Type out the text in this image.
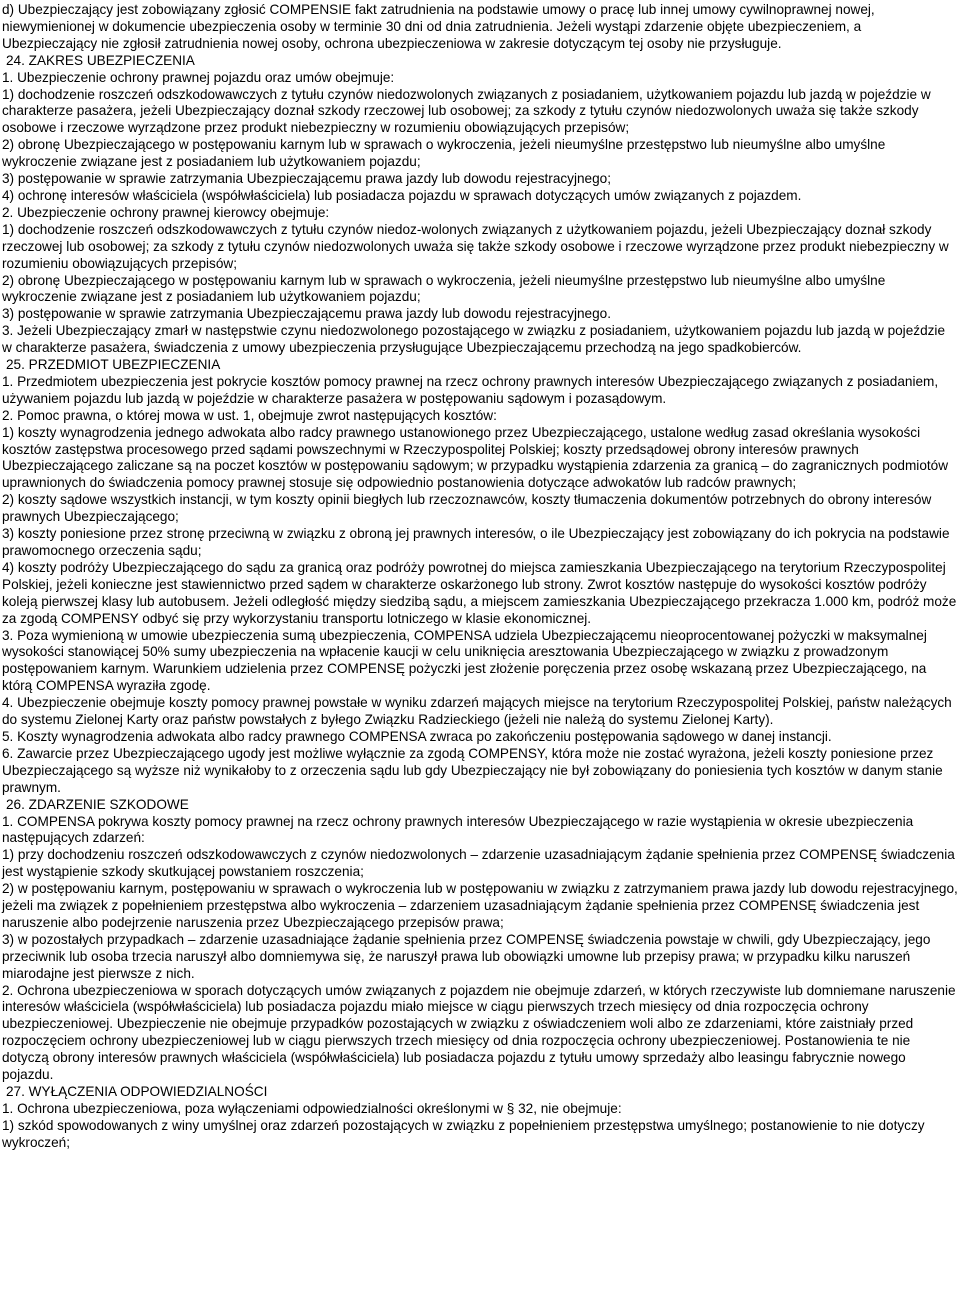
d) Ubezpieczający jest zobowiązany zgłosić COMPENSIE fakt zatrudnienia na podstawie umowy o pracę lub innej umowy cywilnoprawnej nowej, niewymienionej w dokumencie ubezpieczenia osoby w terminie 30 dni od dnia zatrudnienia. Jeżeli wystąpi zdarzenie objęte ubezpieczeniem, a Ubezpieczający nie zgłosił zatrudnienia nowej osoby, ochrona ubezpieczeniowa w zakresie dotyczącym tej osoby nie przysługuje.

24. ZAKRES UBEZPIECZENIA

1. Ubezpieczenie ochrony prawnej pojazdu oraz umów obejmuje:

1) dochodzenie roszczeń odszkodowawczych z tytułu czynów niedozwolonych związanych z posiadaniem, użytkowaniem pojazdu lub jazdą w pojeździe w charakterze pasażera, jeżeli Ubezpieczający doznał szkody rzeczowej lub osobowej; za szkody z tytułu czynów niedozwolonych uważa się także szkody osobowe i rzeczowe wyrządzone przez produkt niebezpieczny w rozumieniu obowiązujących przepisów;

2) obronę Ubezpieczającego w postępowaniu karnym lub w sprawach o wykroczenia, jeżeli nieumyślne przestępstwo lub nieumyślne albo umyślne wykroczenie związane jest z posiadaniem lub użytkowaniem pojazdu;

3) postępowanie w sprawie zatrzymania Ubezpieczającemu prawa jazdy lub dowodu rejestracyjnego;

4) ochronę interesów właściciela (współwłaściciela) lub posiadacza pojazdu w sprawach dotyczących umów związanych z pojazdem.

2. Ubezpieczenie ochrony prawnej kierowcy obejmuje:

1) dochodzenie roszczeń odszkodowawczych z tytułu czynów niedoz-wolonych związanych z użytkowaniem pojazdu, jeżeli Ubezpieczający doznał szkody rzeczowej lub osobowej; za szkody z tytułu czynów niedozwolonych uważa się także szkody osobowe i rzeczowe wyrządzone przez produkt niebezpieczny w rozumieniu obowiązujących przepisów;

2) obronę Ubezpieczającego w postępowaniu karnym lub w sprawach o wykroczenia, jeżeli nieumyślne przestępstwo lub nieumyślne albo umyślne wykroczenie związane jest z posiadaniem lub użytkowaniem pojazdu;

3) postępowanie w sprawie zatrzymania Ubezpieczającemu prawa jazdy lub dowodu rejestracyjnego.

3. Jeżeli Ubezpieczający zmarł w następstwie czynu niedozwolonego pozostającego w związku z posiadaniem, użytkowaniem pojazdu lub jazdą w pojeździe w charakterze pasażera, świadczenia z umowy ubezpieczenia przysługujące Ubezpieczającemu przechodzą na jego spadkobierców.

25. PRZEDMIOT UBEZPIECZENIA

1. Przedmiotem ubezpieczenia jest pokrycie kosztów pomocy prawnej na rzecz ochrony prawnych interesów Ubezpieczającego związanych z posiadaniem, używaniem pojazdu lub jazdą w pojeździe w charakterze pasażera w postępowaniu sądowym i pozasądowym.

2. Pomoc prawna, o której mowa w ust. 1, obejmuje zwrot następujących kosztów:

1) koszty wynagrodzenia jednego adwokata albo radcy prawnego ustanowionego przez Ubezpieczającego, ustalone według zasad określania wysokości kosztów zastępstwa procesowego przed sądami powszechnymi w Rzeczypospolitej Polskiej; koszty przedsądowej obrony interesów prawnych Ubezpieczającego zaliczane są na poczet kosztów w postępowaniu sądowym; w przypadku wystąpienia zdarzenia za granicą – do zagranicznych podmiotów uprawnionych do świadczenia pomocy prawnej stosuje się odpowiednio postanowienia dotyczące adwokatów lub radców prawnych;

2) koszty sądowe wszystkich instancji, w tym koszty opinii biegłych lub rzeczoznawców, koszty tłumaczenia dokumentów potrzebnych do obrony interesów prawnych Ubezpieczającego;

3) koszty poniesione przez stronę przeciwną w związku z obroną jej prawnych interesów, o ile Ubezpieczający jest zobowiązany do ich pokrycia na podstawie prawomocnego orzeczenia sądu;

4) koszty podróży Ubezpieczającego do sądu za granicą oraz podróży powrotnej do miejsca zamieszkania Ubezpieczającego na terytorium Rzeczypospolitej Polskiej, jeżeli konieczne jest stawiennictwo przed sądem w charakterze oskarżonego lub strony. Zwrot kosztów następuje do wysokości kosztów podróży koleją pierwszej klasy lub autobusem. Jeżeli odległość między siedzibą sądu, a miejscem zamieszkania Ubezpieczającego przekracza 1.000 km, podróż może za zgodą COMPENSY odbyć się przy wykorzystaniu transportu lotniczego w klasie ekonomicznej.

3. Poza wymienioną w umowie ubezpieczenia sumą ubezpieczenia, COMPENSA udziela Ubezpieczającemu nieoprocentowanej pożyczki w maksymalnej wysokości stanowiącej 50% sumy ubezpieczenia na wpłacenie kaucji w celu uniknięcia aresztowania Ubezpieczającego w związku z prowadzonym postępowaniem karnym. Warunkiem udzielenia przez COMPENSĘ pożyczki jest złożenie poręczenia przez osobę wskazaną przez Ubezpieczającego, na którą COMPENSA wyraziła zgodę.

4. Ubezpieczenie obejmuje koszty pomocy prawnej powstałe w wyniku zdarzeń mających miejsce na terytorium Rzeczypospolitej Polskiej, państw należących do systemu Zielonej Karty oraz państw powstałych z byłego Związku Radzieckiego (jeżeli nie należą do systemu Zielonej Karty).

5. Koszty wynagrodzenia adwokata albo radcy prawnego COMPENSA zwraca po zakończeniu postępowania sądowego w danej instancji.

6. Zawarcie przez Ubezpieczającego ugody jest możliwe wyłącznie za zgodą COMPENSY, która może nie zostać wyrażona, jeżeli koszty poniesione przez Ubezpieczającego są wyższe niż wynikałoby to z orzeczenia sądu lub gdy Ubezpieczający nie był zobowiązany do poniesienia tych kosztów w danym stanie prawnym.

26. ZDARZENIE SZKODOWE

1. COMPENSA pokrywa koszty pomocy prawnej na rzecz ochrony prawnych interesów Ubezpieczającego w razie wystąpienia w okresie ubezpieczenia następujących zdarzeń:

1) przy dochodzeniu roszczeń odszkodowawczych z czynów niedozwolonych – zdarzenie uzasadniającym żądanie spełnienia przez COMPENSĘ świadczenia jest wystąpienie szkody skutkującej powstaniem roszczenia;

2) w postępowaniu karnym, postępowaniu w sprawach o wykroczenia lub w postępowaniu w związku z zatrzymaniem prawa jazdy lub dowodu rejestracyjnego, jeżeli ma związek z popełnieniem przestępstwa albo wykroczenia – zdarzeniem uzasadniającym żądanie spełnienia przez COMPENSĘ świadczenia jest naruszenie albo podejrzenie naruszenia przez Ubezpieczającego przepisów prawa;

3) w pozostałych przypadkach – zdarzenie uzasadniające żądanie spełnienia przez COMPENSĘ świadczenia powstaje w chwili, gdy Ubezpieczający, jego przeciwnik lub osoba trzecia naruszył albo domniemywa się, że naruszył prawa lub obowiązki umowne lub przepisy prawa; w przypadku kilku naruszeń miarodajne jest pierwsze z nich.

2. Ochrona ubezpieczeniowa w sporach dotyczących umów związanych z pojazdem nie obejmuje zdarzeń, w których rzeczywiste lub domniemane naruszenie interesów właściciela (współwłaściciela) lub posiadacza pojazdu miało miejsce w ciągu pierwszych trzech miesięcy od dnia rozpoczęcia ochrony ubezpieczeniowej. Ubezpieczenie nie obejmuje przypadków pozostających w związku z oświadczeniem woli albo ze zdarzeniami, które zaistniały przed rozpoczęciem ochrony ubezpieczeniowej lub w ciągu pierwszych trzech miesięcy od dnia rozpoczęcia ochrony ubezpieczeniowej. Postanowienia te nie dotyczą obrony interesów prawnych właściciela (współwłaściciela) lub posiadacza pojazdu z tytułu umowy sprzedaży albo leasingu fabrycznie nowego pojazdu.

27. WYŁĄCZENIA ODPOWIEDZIALNOŚCI

1. Ochrona ubezpieczeniowa, poza wyłączeniami odpowiedzialności określonymi w § 32, nie obejmuje:

1) szkód spowodowanych z winy umyślnej oraz zdarzeń pozostających w związku z popełnieniem przestępstwa umyślnego; postanowienie to nie dotyczy wykroczeń;
